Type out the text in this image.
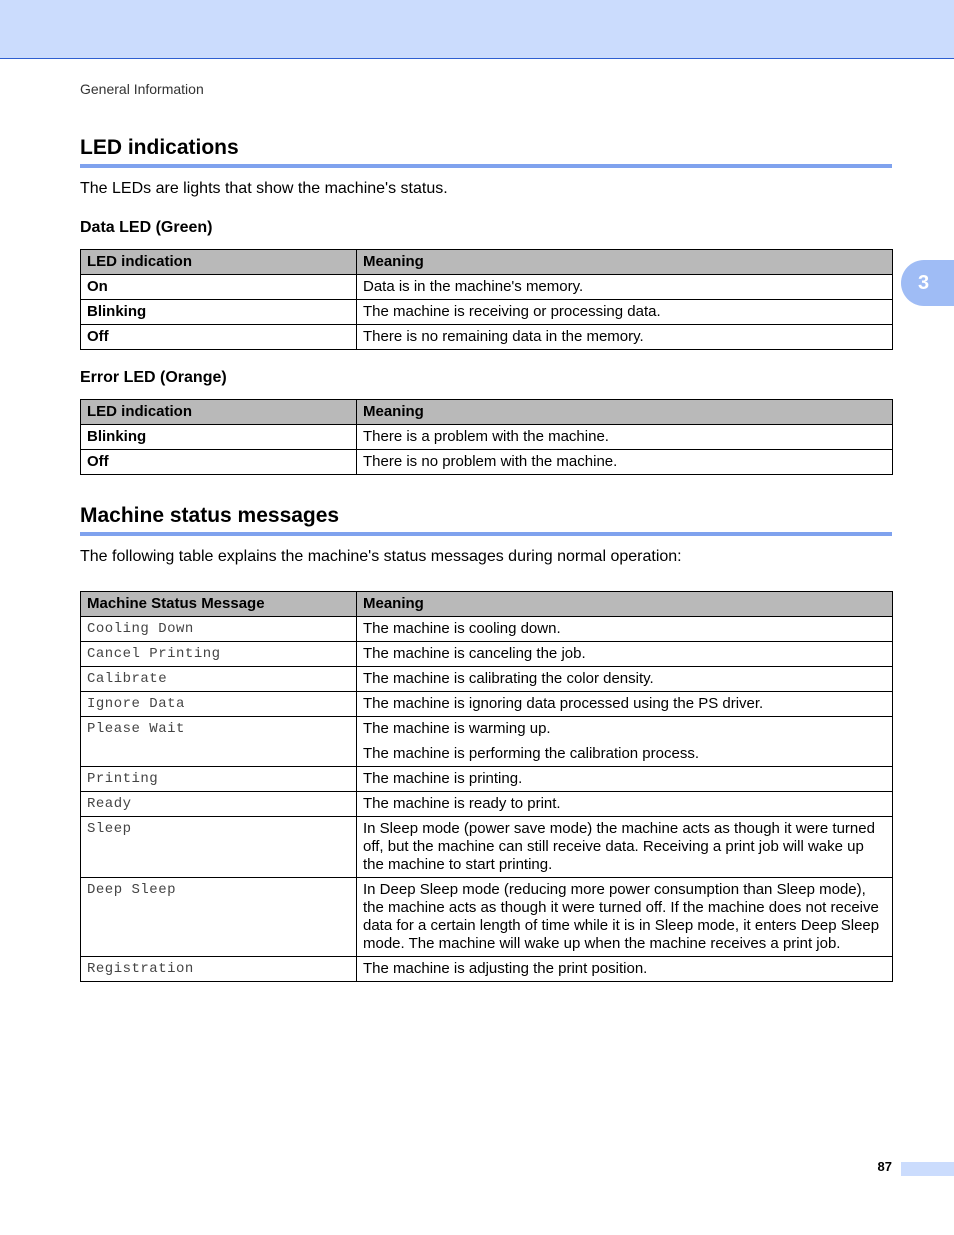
General Information
3
LED indications

The LEDs are lights that show the machine's status.

Data LED (Green)
LED indication	Meaning
On	Data is in the machine's memory.
Blinking	The machine is receiving or processing data.
Off	There is no remaining data in the memory.
Error LED (Orange)
LED indication	Meaning
Blinking	There is a problem with the machine.
Off	There is no problem with the machine.
Machine status messages

The following table explains the machine's status messages during normal operation:

Machine Status Message	Meaning
Cooling Down	The machine is cooling down.

Cancel Printing	The machine is canceling the job.

Calibrate	The machine is calibrating the color density.

Ignore Data	The machine is ignoring data processed using the PS driver.

Please Wait	The machine is warming up.
The machine is performing the calibration process.

Printing	The machine is printing.

Ready	The machine is ready to print.

Sleep	In Sleep mode (power save mode) the machine acts as though it were turned off, but the machine can still receive data. Receiving a print job will wake up the machine to start printing.

Deep Sleep	In Deep Sleep mode (reducing more power consumption than Sleep mode), the machine acts as though it were turned off. If the machine does not receive data for a certain length of time while it is in Sleep mode, it enters Deep Sleep mode. The machine will wake up when the machine receives a print job.

Registration	The machine is adjusting the print position.
87
